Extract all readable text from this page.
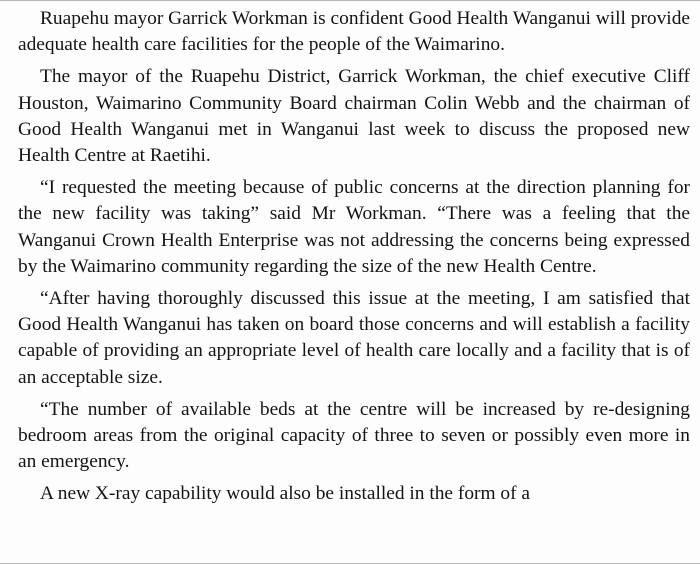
Ruapehu mayor Garrick Workman is confident Good Health Wanganui will provide adequate health care facilities for the people of the Waimarino.

The mayor of the Ruapehu District, Garrick Workman, the chief executive Cliff Houston, Waimarino Community Board chairman Colin Webb and the chairman of Good Health Wanganui met in Wanganui last week to discuss the proposed new Health Centre at Raetihi.

“I requested the meeting because of public concerns at the direction planning for the new facility was taking” said Mr Workman. “There was a feeling that the Wanganui Crown Health Enterprise was not addressing the concerns being expressed by the Waimarino community regarding the size of the new Health Centre.

“After having thoroughly discussed this issue at the meeting, I am satisfied that Good Health Wanganui has taken on board those concerns and will establish a facility capable of providing an appropriate level of health care locally and a facility that is of an acceptable size.

“The number of available beds at the centre will be increased by re-designing bedroom areas from the original capacity of three to seven or possibly even more in an emergency.

A new X-ray capability would also be installed in the form of a
